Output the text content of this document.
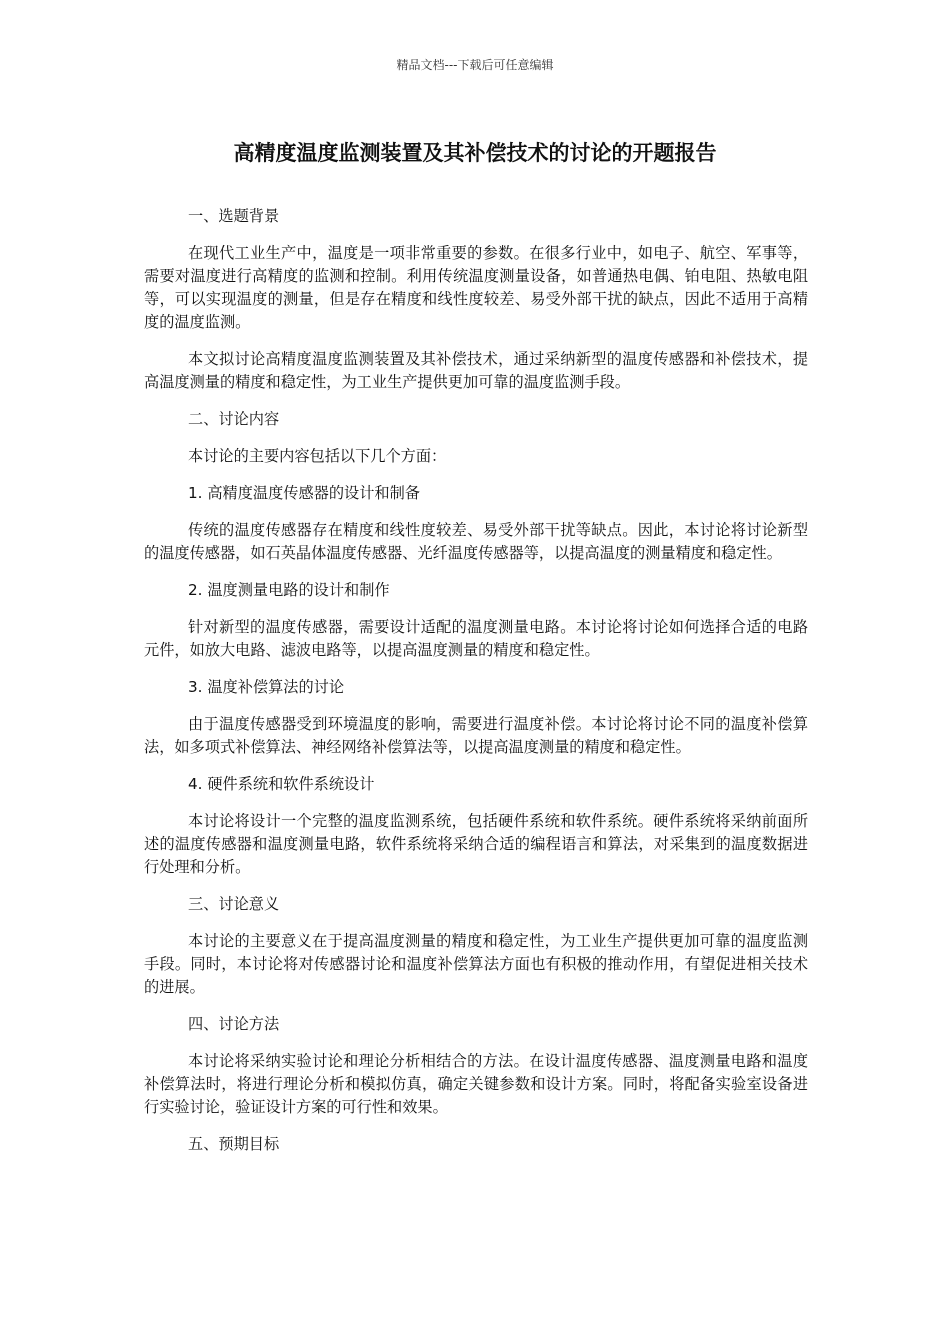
精品文档---下载后可任意编辑
高精度温度监测装置及其补偿技术的讨论的开题报告

一、选题背景

在现代工业生产中，温度是一项非常重要的参数。在很多行业中，如电子、航空、军事等，需要对温度进行高精度的监测和控制。利用传统温度测量设备，如普通热电偶、铂电阻、热敏电阻等，可以实现温度的测量，但是存在精度和线性度较差、易受外部干扰的缺点，因此不适用于高精度的温度监测。

本文拟讨论高精度温度监测装置及其补偿技术，通过采纳新型的温度传感器和补偿技术，提高温度测量的精度和稳定性，为工业生产提供更加可靠的温度监测手段。

二、讨论内容

本讨论的主要内容包括以下几个方面：

1. 高精度温度传感器的设计和制备

传统的温度传感器存在精度和线性度较差、易受外部干扰等缺点。因此，本讨论将讨论新型的温度传感器，如石英晶体温度传感器、光纤温度传感器等，以提高温度的测量精度和稳定性。

2. 温度测量电路的设计和制作

针对新型的温度传感器，需要设计适配的温度测量电路。本讨论将讨论如何选择合适的电路元件，如放大电路、滤波电路等，以提高温度测量的精度和稳定性。

3. 温度补偿算法的讨论

由于温度传感器受到环境温度的影响，需要进行温度补偿。本讨论将讨论不同的温度补偿算法，如多项式补偿算法、神经网络补偿算法等，以提高温度测量的精度和稳定性。

4. 硬件系统和软件系统设计

本讨论将设计一个完整的温度监测系统，包括硬件系统和软件系统。硬件系统将采纳前面所述的温度传感器和温度测量电路，软件系统将采纳合适的编程语言和算法，对采集到的温度数据进行处理和分析。

三、讨论意义

本讨论的主要意义在于提高温度测量的精度和稳定性，为工业生产提供更加可靠的温度监测手段。同时，本讨论将对传感器讨论和温度补偿算法方面也有积极的推动作用，有望促进相关技术的进展。

四、讨论方法

本讨论将采纳实验讨论和理论分析相结合的方法。在设计温度传感器、温度测量电路和温度补偿算法时，将进行理论分析和模拟仿真，确定关键参数和设计方案。同时，将配备实验室设备进行实验讨论，验证设计方案的可行性和效果。

五、预期目标
